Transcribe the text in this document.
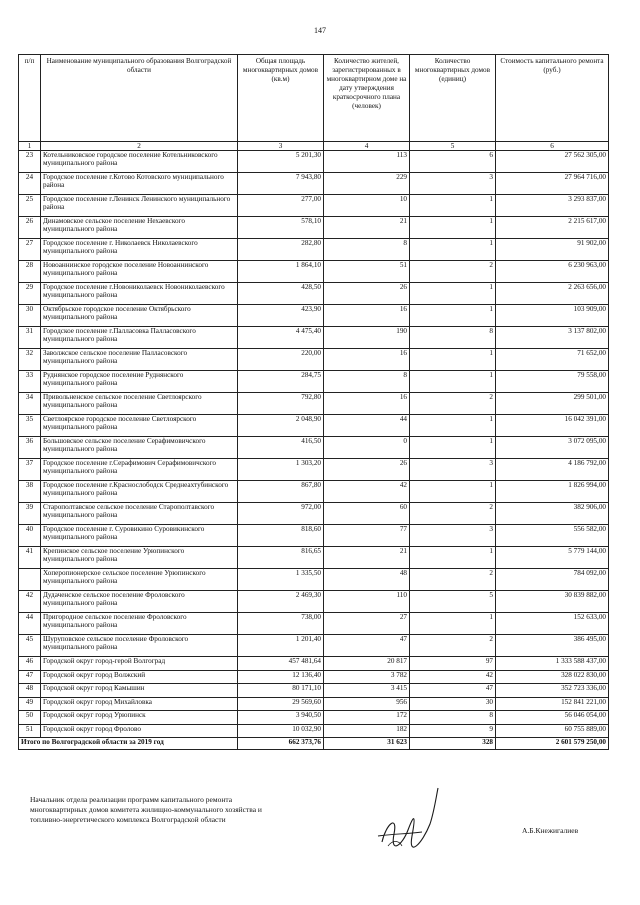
147
п/п	Наименование муниципального образования Волгоградской области	Общая площадь многоквартирных домов (кв.м)	Количество жителей, зарегистрированных в многоквартирном доме на дату утверждения краткосрочного плана (человек)	Количество многоквартирных домов (единиц)	Стоимость капитального ремонта (руб.)
1	2	3	4	5	6
23	Котельниковское городское поселение Котельниковского муниципального района	5 201,30	113	6	27 562 305,00
24	Городское поселение г.Котово Котовского муниципального района	7 943,80	229	3	27 964 716,00
25	Городское поселение г.Ленинск Ленинского муниципального района	277,00	10	1	3 293 837,00
26	Динамовское сельское поселение Нехаевского муниципального района	578,10	21	1	2 215 617,00
27	Городское поселение г. Николаевск Николаевского муниципального района	282,80	8	1	91 902,00
28	Новоаннинское городское поселение Новоаннинского муниципального района	1 864,10	51	2	6 230 963,00
29	Городское поселение г.Новониколаевск Новониколаевского муниципального района	428,50	26	1	2 263 656,00
30	Октябрьское городское поселение Октябрьского муниципального района	423,90	16	1	103 909,00
31	Городское поселение г.Палласовка Палласовского муниципального района	4 475,40	190	8	3 137 802,00
32	Заволжское сельское поселение Палласовского муниципального района	220,00	16	1	71 652,00
33	Руднянское городское поселение Руднянского муниципального района	284,75	8	1	79 558,00
34	Привольненское сельское поселение Светлоярского муниципального района	792,80	16	2	299 501,00
35	Светлоярское городское поселение Светлоярского муниципального района	2 048,90	44	1	16 042 391,00
36	Большовское сельское поселение Серафимовичского муниципального района	416,50	0	1	3 072 095,00
37	Городское поселение г.Серафимович Серафимовичского муниципального района	1 303,20	26	3	4 186 792,00
38	Городское поселение г.Краснослободск Среднеахтубинского муниципального района	867,80	42	1	1 826 994,00
39	Старополтавское сельское поселение Старополтавского муниципального района	972,00	60	2	382 906,00
40	Городское поселение г. Суровикино Суровикинского муниципального района	818,60	77	3	556 582,00
41	Крепинское сельское поселение Урюпинского муниципального района	816,65	21	1	5 779 144,00
	Хоперопионерское сельское поселение Урюпинского муниципального района	1 335,50	48	2	784 092,00
42	Дудаченское сельское поселение Фроловского муниципального района	2 469,30	110	5	30 839 882,00
44	Пригородное сельское поселение Фроловского муниципального района	738,00	27	1	152 633,00
45	Шуруповское сельское поселение Фроловского муниципального района	1 201,40	47	2	386 495,00
46	Городской округ город-герой Волгоград	457 481,64	20 817	97	1 333 588 437,00
47	Городской округ город Волжский	12 136,40	3 782	42	328 022 830,00
48	Городской округ город Камышин	80 171,10	3 415	47	352 723 336,00
49	Городской округ город Михайловка	29 569,60	956	30	152 841 221,00
50	Городской округ город Урюпинск	3 940,50	172	8	56 046 054,00
51	Городской округ город Фролово	10 032,90	182	9	60 755 889,00
Итого по Волгоградской области за 2019 год		662 373,76	31 623	328	2 601 579 250,00
Начальник отдела реализации программ капитального ремонта многоквартирных домов комитета жилищно-коммунального хозяйства и топливно-энергетического комплекса Волгоградской области
А.Б.Кнежигалиев
